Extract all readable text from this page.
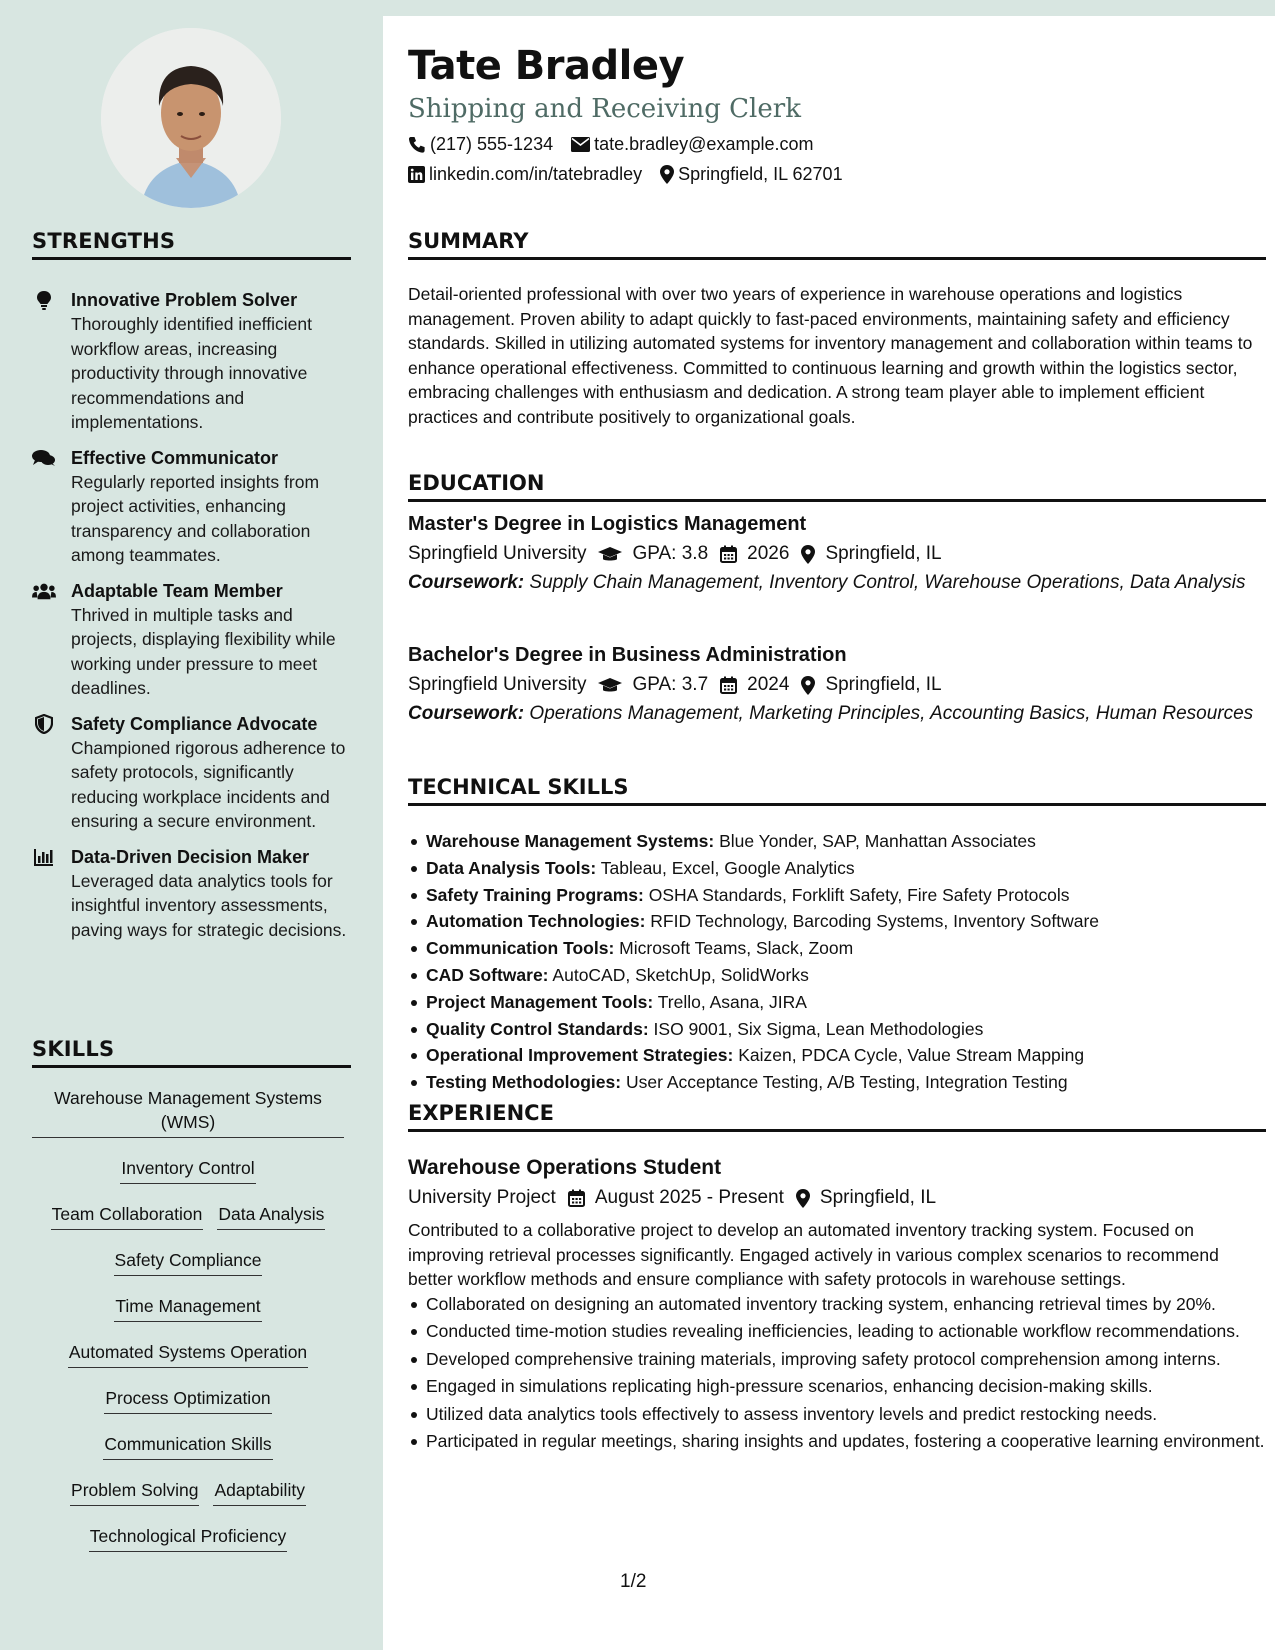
STRENGTHS
Innovative Problem Solver
Thoroughly identified inefficient workflow areas, increasing productivity through innovative recommendations and implementations.
Effective Communicator
Regularly reported insights from project activities, enhancing transparency and collaboration among teammates.
Adaptable Team Member
Thrived in multiple tasks and projects, displaying flexibility while working under pressure to meet deadlines.
Safety Compliance Advocate
Championed rigorous adherence to safety protocols, significantly reducing workplace incidents and ensuring a secure environment.
Data-Driven Decision Maker
Leveraged data analytics tools for insightful inventory assessments, paving ways for strategic decisions.
SKILLS
Warehouse Management Systems (WMS)
Inventory Control
Team Collaboration Data Analysis
Safety Compliance
Time Management
Automated Systems Operation
Process Optimization
Communication Skills
Problem Solving Adaptability
Technological Proficiency
Tate Bradley
Shipping and Receiving Clerk
(217) 555-1234 tate.bradley@example.com
linkedin.com/in/tatebradley Springfield, IL 62701
SUMMARY

Detail-oriented professional with over two years of experience in warehouse operations and logistics management. Proven ability to adapt quickly to fast-paced environments, maintaining safety and efficiency standards. Skilled in utilizing automated systems for inventory management and collaboration within teams to enhance operational effectiveness. Committed to continuous learning and growth within the logistics sector, embracing challenges with enthusiasm and dedication. A strong team player able to implement efficient practices and contribute positively to organizational goals.

EDUCATION
Master's Degree in Logistics Management
Springfield University GPA: 3.8 2026 Springfield, IL
Coursework: Supply Chain Management, Inventory Control, Warehouse Operations, Data Analysis
Bachelor's Degree in Business Administration
Springfield University GPA: 3.7 2024 Springfield, IL
Coursework: Operations Management, Marketing Principles, Accounting Basics, Human Resources
TECHNICAL SKILLS
Warehouse Management Systems: Blue Yonder, SAP, Manhattan Associates
Data Analysis Tools: Tableau, Excel, Google Analytics
Safety Training Programs: OSHA Standards, Forklift Safety, Fire Safety Protocols
Automation Technologies: RFID Technology, Barcoding Systems, Inventory Software
Communication Tools: Microsoft Teams, Slack, Zoom
CAD Software: AutoCAD, SketchUp, SolidWorks
Project Management Tools: Trello, Asana, JIRA
Quality Control Standards: ISO 9001, Six Sigma, Lean Methodologies
Operational Improvement Strategies: Kaizen, PDCA Cycle, Value Stream Mapping
Testing Methodologies: User Acceptance Testing, A/B Testing, Integration Testing
EXPERIENCE
Warehouse Operations Student
University Project August 2025 - Present Springfield, IL

Contributed to a collaborative project to develop an automated inventory tracking system. Focused on improving retrieval processes significantly. Engaged actively in various complex scenarios to recommend better workflow methods and ensure compliance with safety protocols in warehouse settings.

Collaborated on designing an automated inventory tracking system, enhancing retrieval times by 20%.
Conducted time-motion studies revealing inefficiencies, leading to actionable workflow recommendations.
Developed comprehensive training materials, improving safety protocol comprehension among interns.
Engaged in simulations replicating high-pressure scenarios, enhancing decision-making skills.
Utilized data analytics tools effectively to assess inventory levels and predict restocking needs.
Participated in regular meetings, sharing insights and updates, fostering a cooperative learning environment.
1/2
